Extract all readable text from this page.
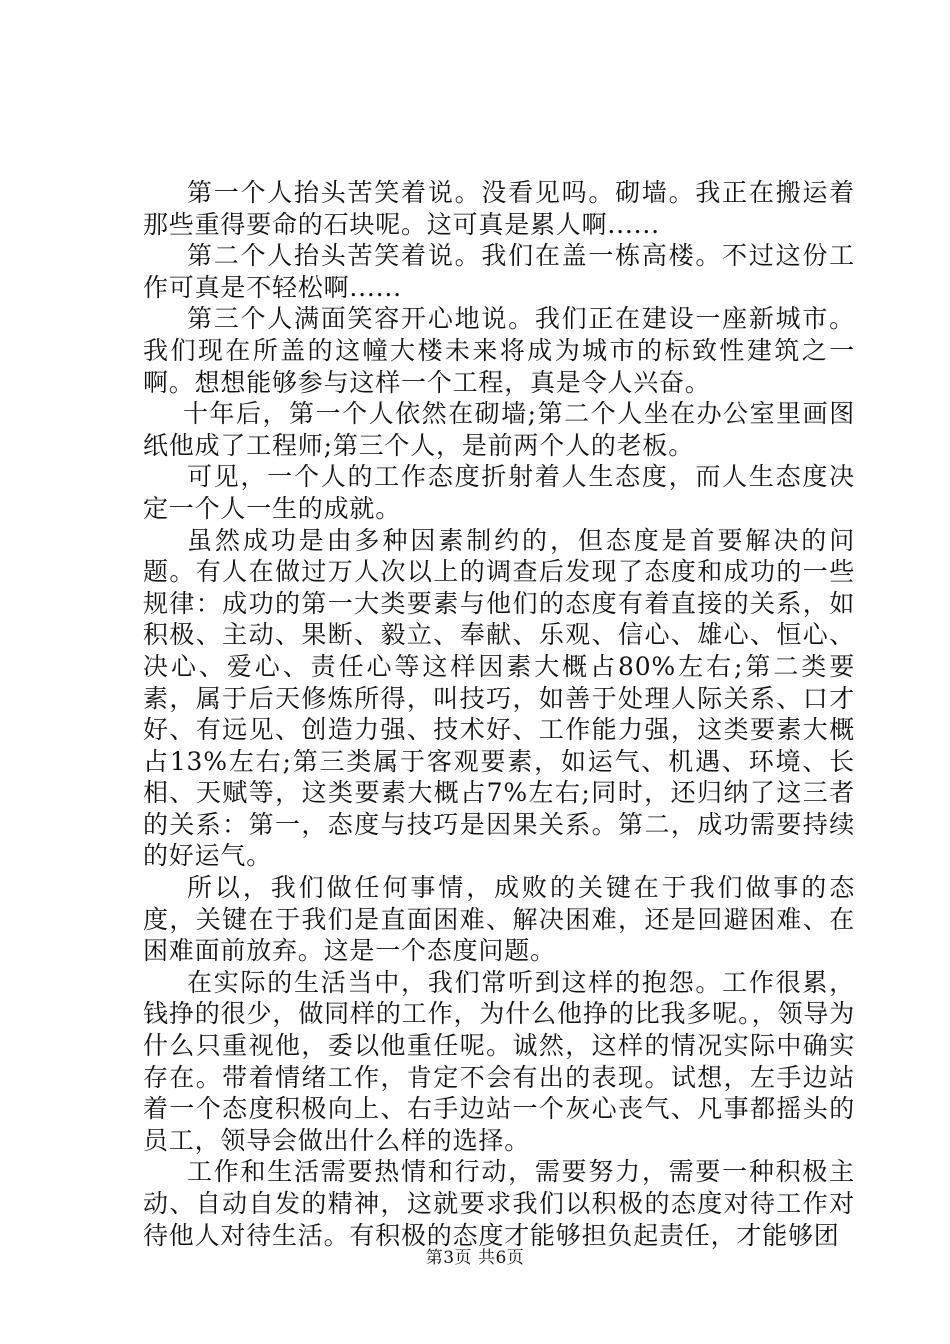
第一个人抬头苦笑着说。没看见吗。砌墙。我正在搬运着那些重得要命的石块呢。这可真是累人啊......

第二个人抬头苦笑着说。我们在盖一栋高楼。不过这份工作可真是不轻松啊......

第三个人满面笑容开心地说。我们正在建设一座新城市。我们现在所盖的这幢大楼未来将成为城市的标致性建筑之一啊。想想能够参与这样一个工程，真是令人兴奋。

十年后，第一个人依然在砌墙;第二个人坐在办公室里画图纸他成了工程师;第三个人，是前两个人的老板。

可见，一个人的工作态度折射着人生态度，而人生态度决定一个人一生的成就。

虽然成功是由多种因素制约的，但态度是首要解决的问题。有人在做过万人次以上的调查后发现了态度和成功的一些规律：成功的第一大类要素与他们的态度有着直接的关系，如积极、主动、果断、毅立、奉献、乐观、信心、雄心、恒心、决心、爱心、责任心等这样因素大概占80%左右;第二类要素，属于后天修炼所得，叫技巧，如善于处理人际关系、口才好、有远见、创造力强、技术好、工作能力强，这类要素大概占13%左右;第三类属于客观要素，如运气、机遇、环境、长相、天赋等，这类要素大概占7%左右;同时，还归纳了这三者的关系：第一，态度与技巧是因果关系。第二，成功需要持续的好运气。

所以，我们做任何事情，成败的关键在于我们做事的态度，关键在于我们是直面困难、解决困难，还是回避困难、在困难面前放弃。这是一个态度问题。

在实际的生活当中，我们常听到这样的抱怨。工作很累，钱挣的很少，做同样的工作，为什么他挣的比我多呢。，领导为什么只重视他，委以他重任呢。诚然，这样的情况实际中确实存在。带着情绪工作，肯定不会有出的表现。试想，左手边站着一个态度积极向上、右手边站一个灰心丧气、凡事都摇头的员工，领导会做出什么样的选择。

工作和生活需要热情和行动，需要努力，需要一种积极主动、自动自发的精神，这就要求我们以积极的态度对待工作对待他人对待生活。有积极的态度才能够担负起责任，才能够团

第3页 共6页
